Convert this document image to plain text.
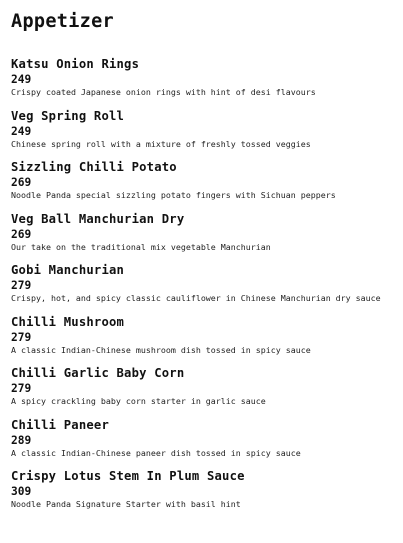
Appetizer
Katsu Onion Rings
249
Crispy coated Japanese onion rings with hint of desi flavours
Veg Spring Roll
249
Chinese spring roll with a mixture of freshly tossed veggies
Sizzling Chilli Potato
269
Noodle Panda special sizzling potato fingers with Sichuan peppers
Veg Ball Manchurian Dry
269
Our take on the traditional mix vegetable Manchurian
Gobi Manchurian
279
Crispy, hot, and spicy classic cauliflower in Chinese Manchurian dry sauce
Chilli Mushroom
279
A classic Indian-Chinese mushroom dish tossed in spicy sauce
Chilli Garlic Baby Corn
279
A spicy crackling baby corn starter in garlic sauce
Chilli Paneer
289
A classic Indian-Chinese paneer dish tossed in spicy sauce
Crispy Lotus Stem In Plum Sauce
309
Noodle Panda Signature Starter with basil hint
